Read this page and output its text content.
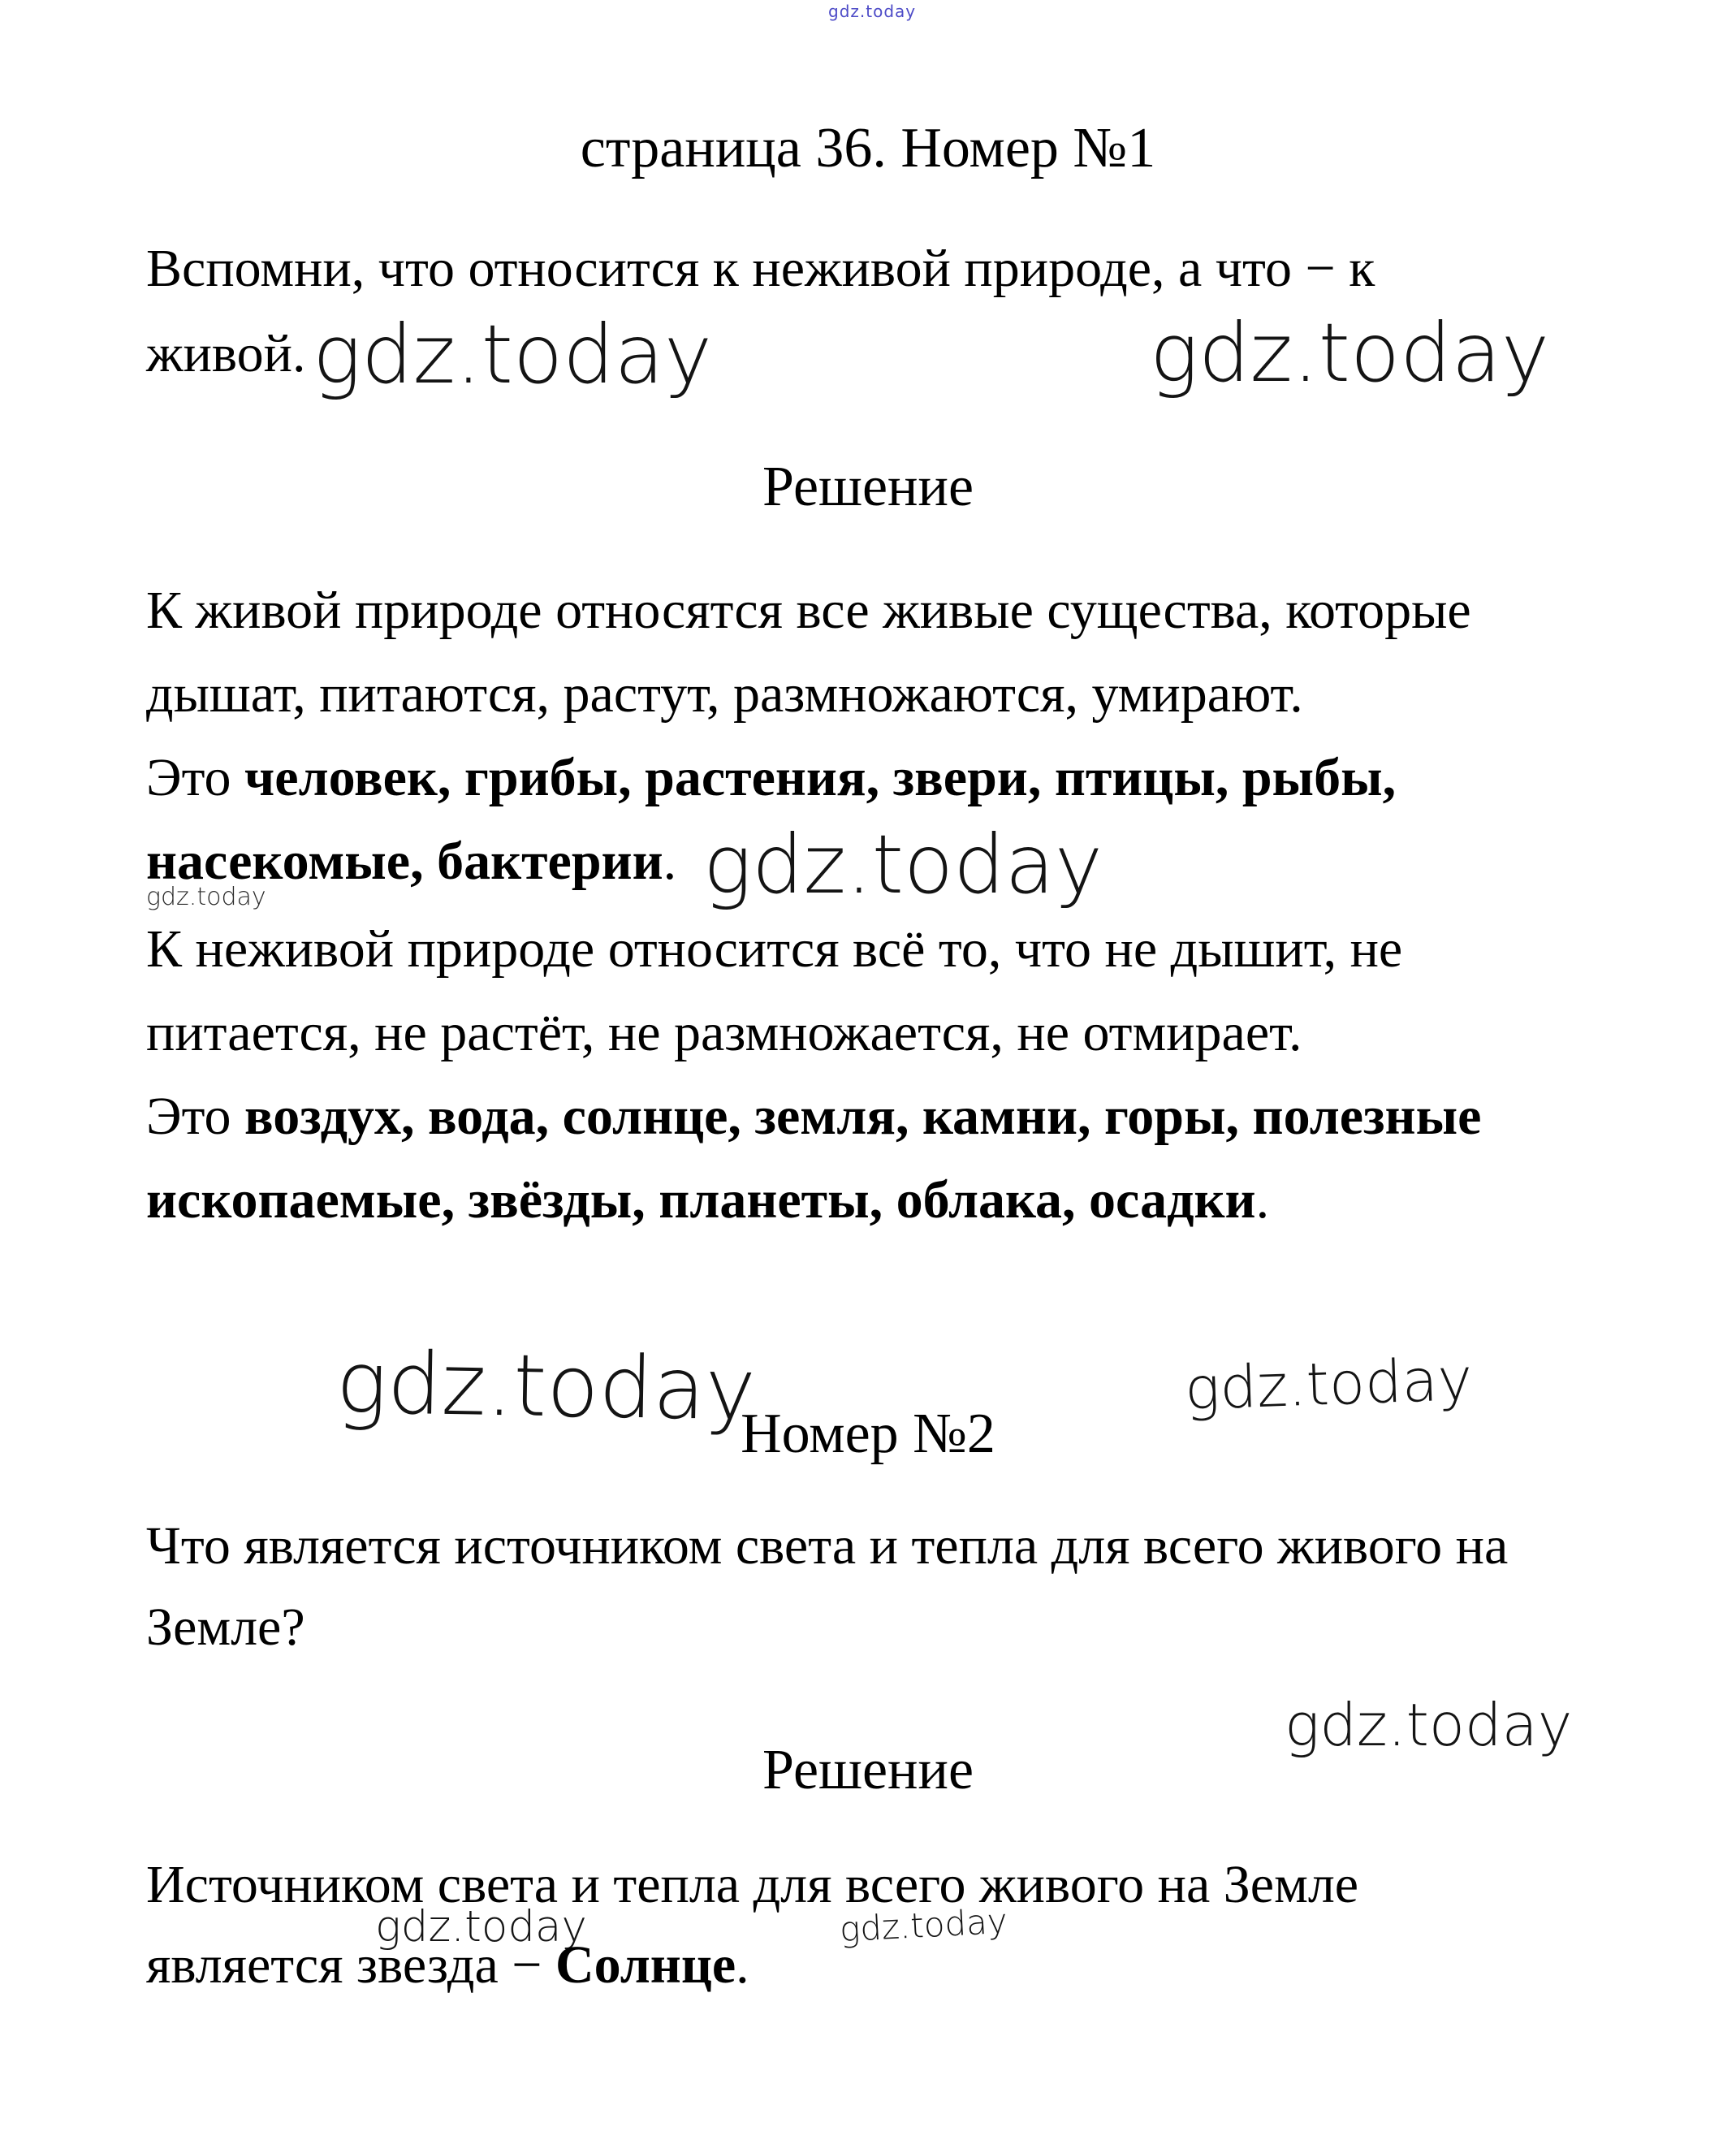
gdz.today
страница 36. Номер №1
Вспомни, что относится к неживой природе, а что − к
живой. gdz.today	gdz.today
Решение
К живой природе относятся все живые существа, которые
дышат, питаются, растут, размножаются, умирают.
Это человек, грибы, растения, звери, птицы, рыбы,
насекомые, бактерии. gdz.today
gdz.today
К неживой природе относится всё то, что не дышит, не
питается, не растёт, не размножается, не отмирает.
Это воздух, вода, солнце, земля, камни, горы, полезные
ископаемые, звёзды, планеты, облака, осадки.
gdz.today
Номер №2
gdz.today
Что является источником света и тепла для всего живого на
Земле?
gdz.today
Решение
Источником света и тепла для всего живого на Земле
gdz.today	gdz.today
является звезда − Солнце.
